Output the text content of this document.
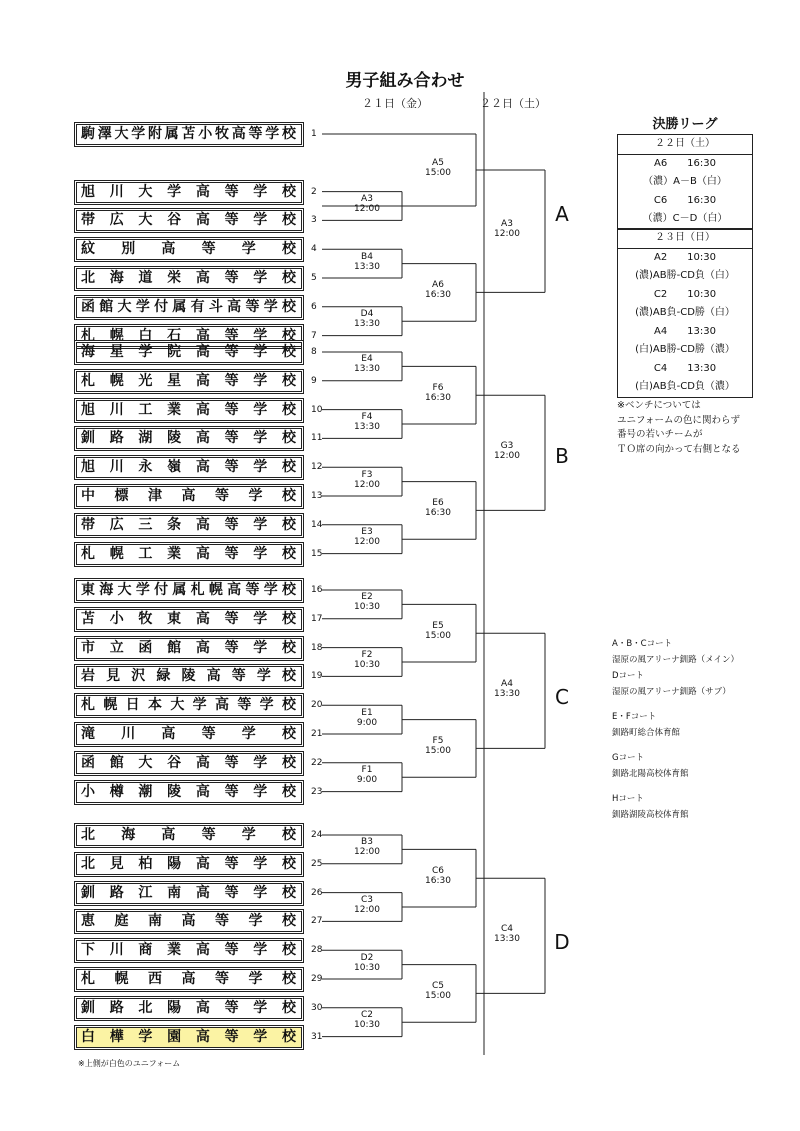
男子組み合わせ
２１日（金）	２２日（土）
駒澤大学附属苫小牧高等学校	1
旭川大学高等学校	2
帯広大谷高等学校	3
紋別高等学校	4
北海道栄高等学校	5
函館大学付属有斗高等学校	6
札幌白石高等学校	7
海星学院高等学校	8
札幌光星高等学校	9
旭川工業高等学校	10
釧路湖陵高等学校	11
旭川永嶺高等学校	12
中標津高等学校	13
帯広三条高等学校	14
札幌工業高等学校	15
東海大学付属札幌高等学校	16
苫小牧東高等学校	17
市立函館高等学校	18
岩見沢緑陵高等学校	19
札幌日本大学高等学校	20
滝川高等学校	21
函館大谷高等学校	22
小樽潮陵高等学校	23
北海高等学校	24
北見柏陽高等学校	25
釧路江南高等学校	26
恵庭南高等学校	27
下川商業高等学校	28
札幌西高等学校	29
釧路北陽高等学校	30
白樺学園高等学校	31
A3
12:00
B4
13:30
D4
13:30
A5
15:00
A6
16:30
A3
12:00
E4
13:30
F4
13:30
F3
12:00
E3
12:00
F6
16:30
E6
16:30
G3
12:00
E2
10:30
F2
10:30
E1
9:00
F1
9:00
E5
15:00
F5
15:00
A4
13:30
B3
12:00
C3
12:00
D2
10:30
C2
10:30
C6
16:30
C5
15:00
C4
13:30
A
B
C
D
決勝リーグ
２２日（土）
A6　　16:30
（濃）A－B（白）
C6　　16:30
（濃）C－D（白）
２３日（日）
A2　　10:30
(濃)AB勝-CD負（白）
C2　　10:30
(濃)AB負-CD勝（白）
A4　　13:30
(白)AB勝-CD勝（濃）
C4　　13:30
(白)AB負-CD負（濃）
※ベンチについては
ユニフォームの色に関わらず
番号の若いチームが
ＴＯ席の向かって右側となる
A・B・Cコート
湿原の風アリーナ釧路（メイン）
Dコート
湿原の風アリーナ釧路（サブ）
E・Fコート
釧路町総合体育館
Gコート
釧路北陽高校体育館
Hコート
釧路湖陵高校体育館
※上側が白色のユニフォーム
